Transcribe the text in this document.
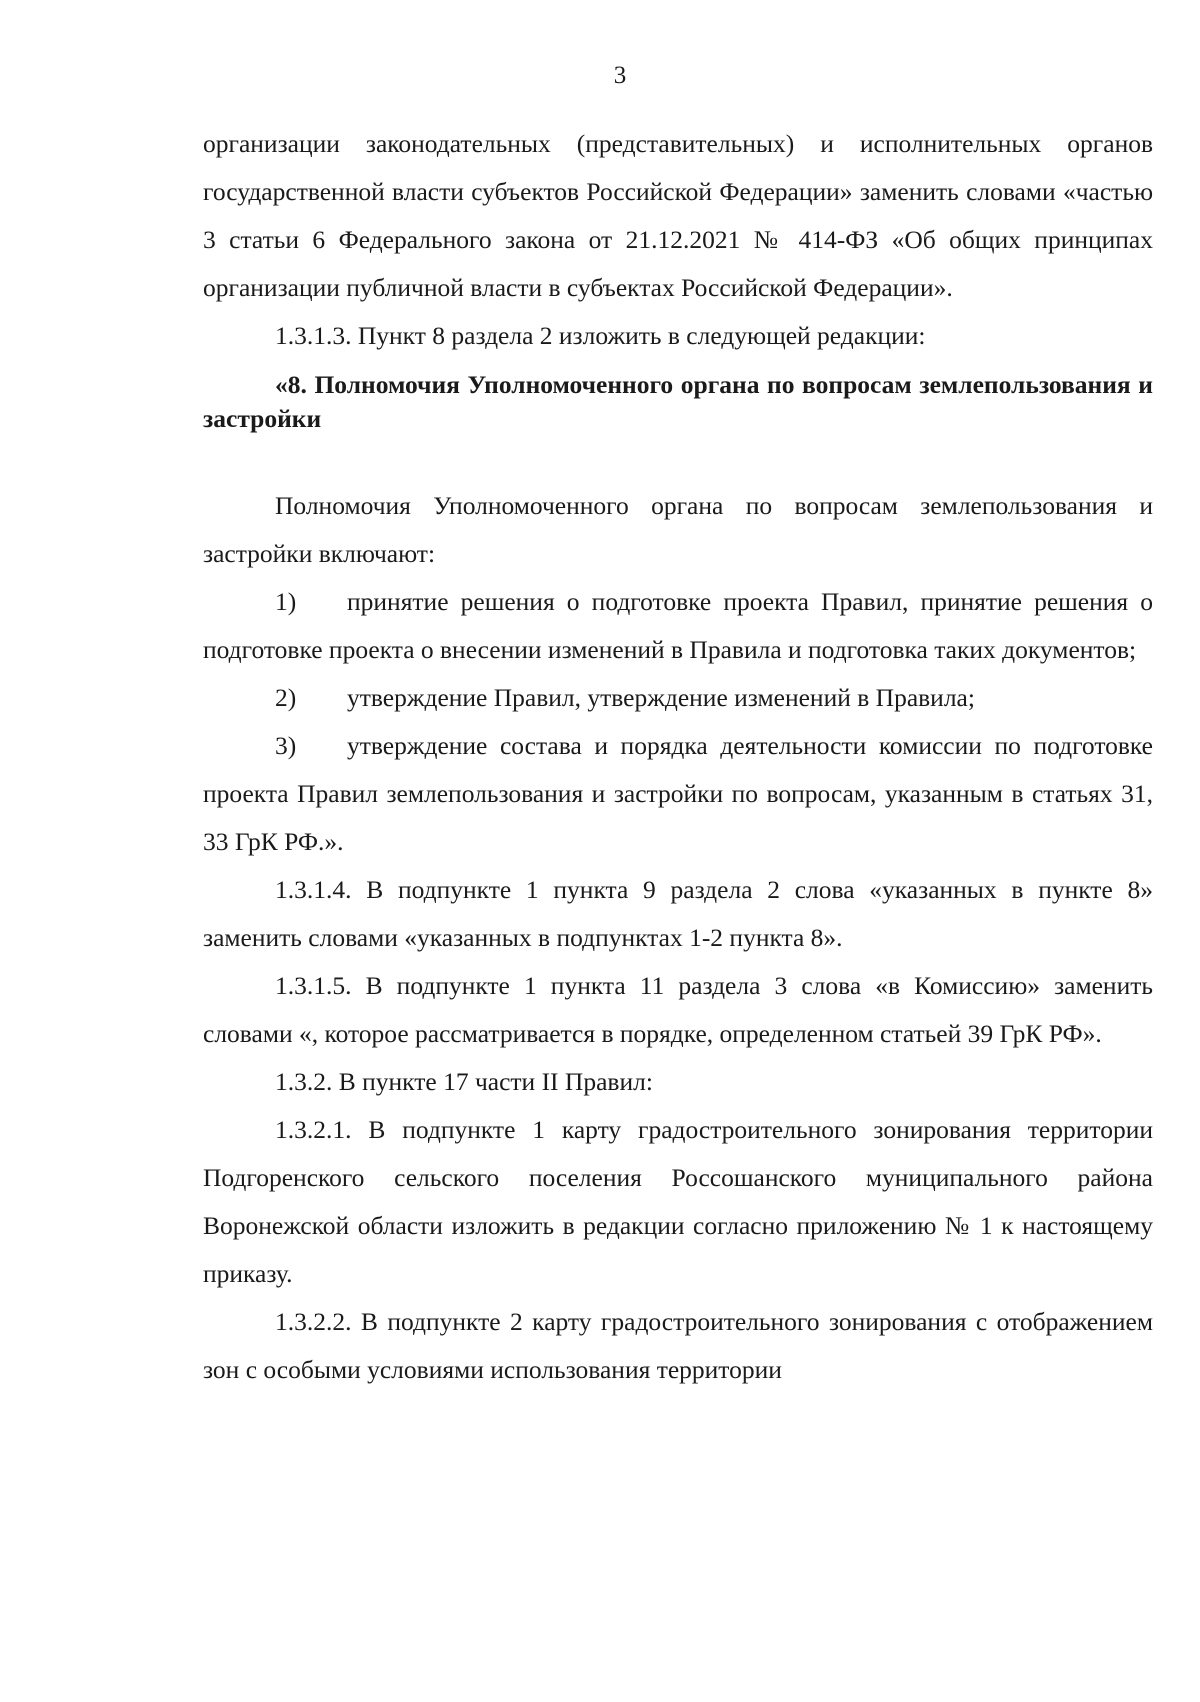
3

организации законодательных (представительных) и исполнительных органов государственной власти субъектов Российской Федерации» заменить словами «частью 3 статьи 6 Федерального закона от 21.12.2021 № 414-ФЗ «Об общих принципах организации публичной власти в субъектах Российской Федерации».

1.3.1.3. Пункт 8 раздела 2 изложить в следующей редакции:

«8. Полномочия Уполномоченного органа по вопросам землепользования и застройки

Полномочия Уполномоченного органа по вопросам землепользования и застройки включают:

1) принятие решения о подготовке проекта Правил, принятие решения о подготовке проекта о внесении изменений в Правила и подготовка таких документов;

2) утверждение Правил, утверждение изменений в Правила;

3) утверждение состава и порядка деятельности комиссии по подготовке проекта Правил землепользования и застройки по вопросам, указанным в статьях 31, 33 ГрК РФ.».

1.3.1.4. В подпункте 1 пункта 9 раздела 2 слова «указанных в пункте 8» заменить словами «указанных в подпунктах 1-2 пункта 8».

1.3.1.5. В подпункте 1 пункта 11 раздела 3 слова «в Комиссию» заменить словами «, которое рассматривается в порядке, определенном статьей 39 ГрК РФ».

1.3.2. В пункте 17 части II Правил:

1.3.2.1. В подпункте 1 карту градостроительного зонирования территории Подгоренского сельского поселения Россошанского муниципального района Воронежской области изложить в редакции согласно приложению № 1 к настоящему приказу.

1.3.2.2. В подпункте 2 карту градостроительного зонирования с отображением зон с особыми условиями использования территории
